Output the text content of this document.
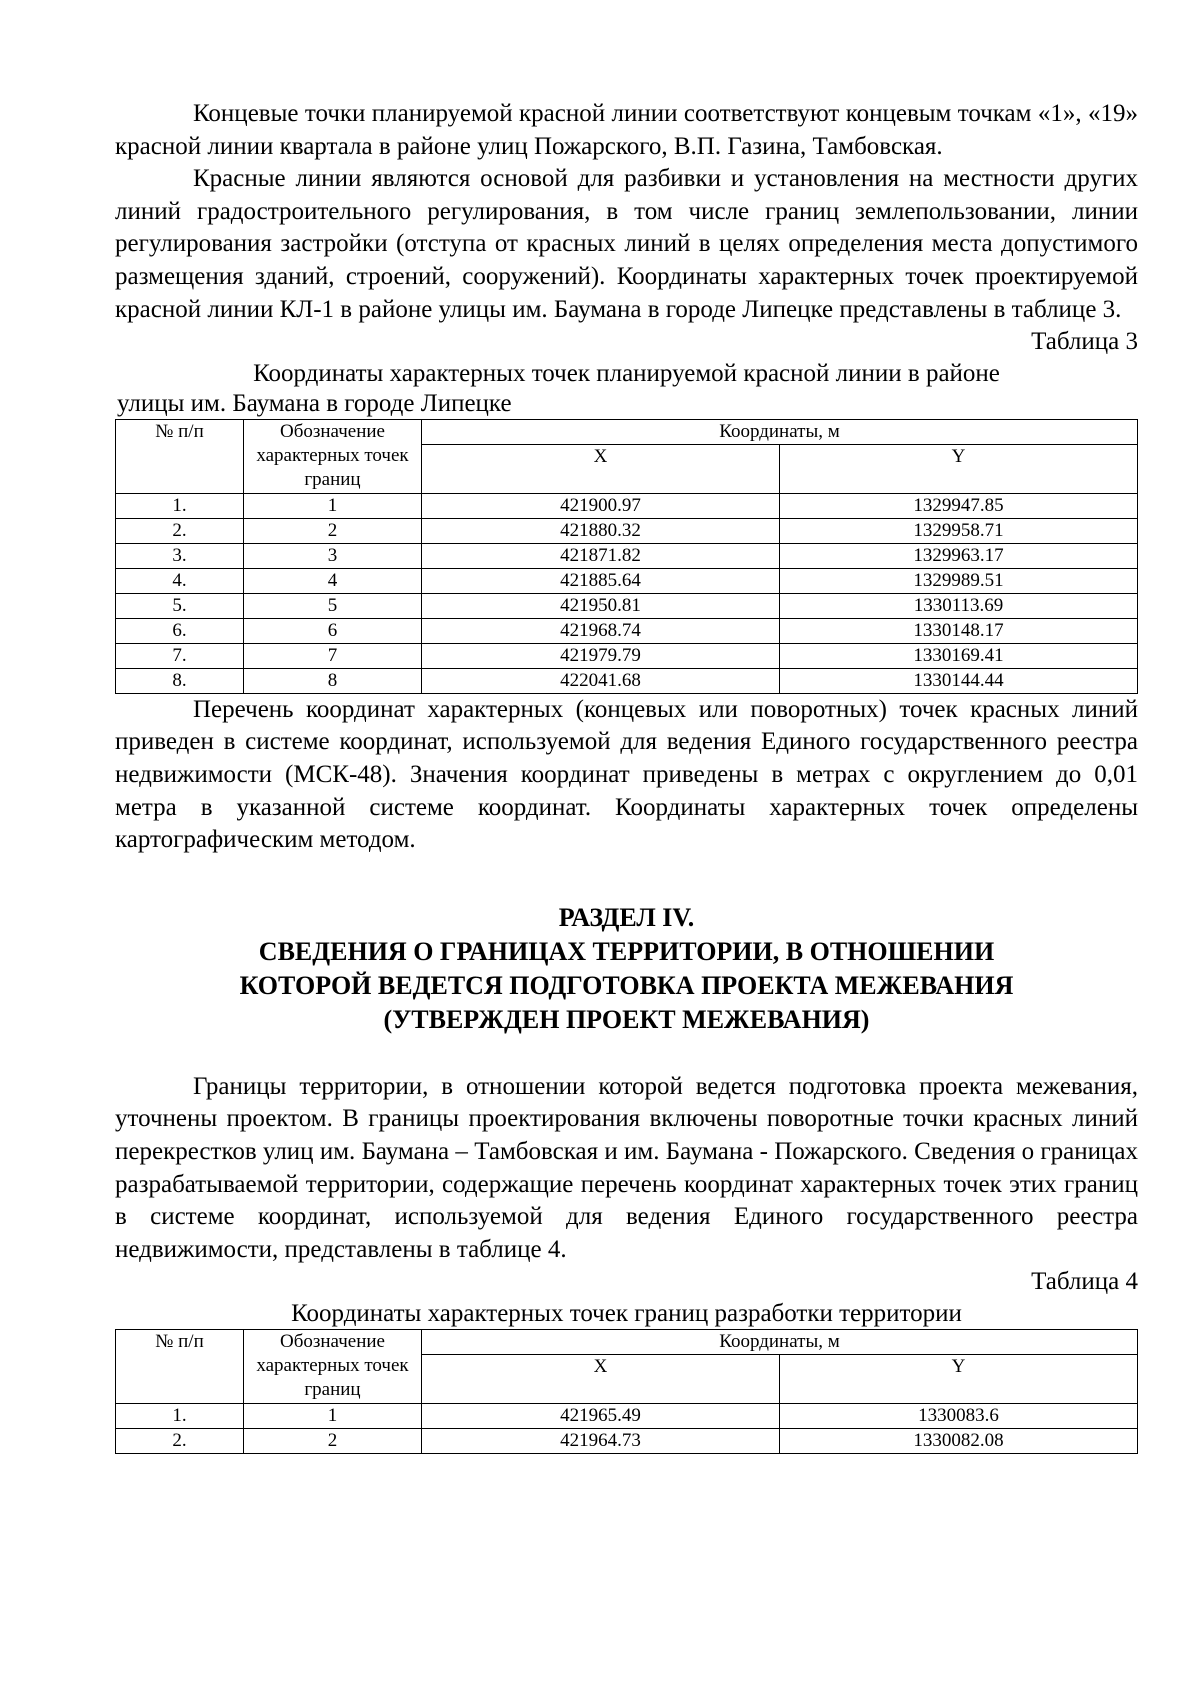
Концевые точки планируемой красной линии соответствуют концевым точкам «1», «19» красной линии квартала в районе улиц Пожарского, В.П. Газина, Тамбовская.

Красные линии являются основой для разбивки и установления на местности других линий градостроительного регулирования, в том числе границ землепользовании, линии регулирования застройки (отступа от красных линий в целях определения места допустимого размещения зданий, строений, сооружений). Координаты характерных точек проектируемой красной линии КЛ-1 в районе улицы им. Баумана в городе Липецке представлены в таблице 3.

Таблица 3
Координаты характерных точек планируемой красной линии в районе
улицы им. Баумана в городе Липецке
№ п/п	Обозначение характерных точек границ	Координаты, м	
		X	Y
1.	1	421900.97	1329947.85
2.	2	421880.32	1329958.71
3.	3	421871.82	1329963.17
4.	4	421885.64	1329989.51
5.	5	421950.81	1330113.69
6.	6	421968.74	1330148.17
7.	7	421979.79	1330169.41
8.	8	422041.68	1330144.44

Перечень координат характерных (концевых или поворотных) точек красных линий приведен в системе координат, используемой для ведения Единого государственного реестра недвижимости (МСК-48). Значения координат приведены в метрах с округлением до 0,01 метра в указанной системе координат. Координаты характерных точек определены картографическим методом.

РАЗДЕЛ IV.
СВЕДЕНИЯ О ГРАНИЦАХ ТЕРРИТОРИИ, В ОТНОШЕНИИ
КОТОРОЙ ВЕДЕТСЯ ПОДГОТОВКА ПРОЕКТА МЕЖЕВАНИЯ
(УТВЕРЖДЕН ПРОЕКТ МЕЖЕВАНИЯ)

Границы территории, в отношении которой ведется подготовка проекта межевания, уточнены проектом. В границы проектирования включены поворотные точки красных линий перекрестков улиц им. Баумана – Тамбовская и им. Баумана - Пожарского. Сведения о границах разрабатываемой территории, содержащие перечень координат характерных точек этих границ в системе координат, используемой для ведения Единого государственного реестра недвижимости, представлены в таблице 4.

Таблица 4
Координаты характерных точек границ разработки территории
№ п/п	Обозначение характерных точек границ	Координаты, м	
		X	Y
1.	1	421965.49	1330083.6
2.	2	421964.73	1330082.08
